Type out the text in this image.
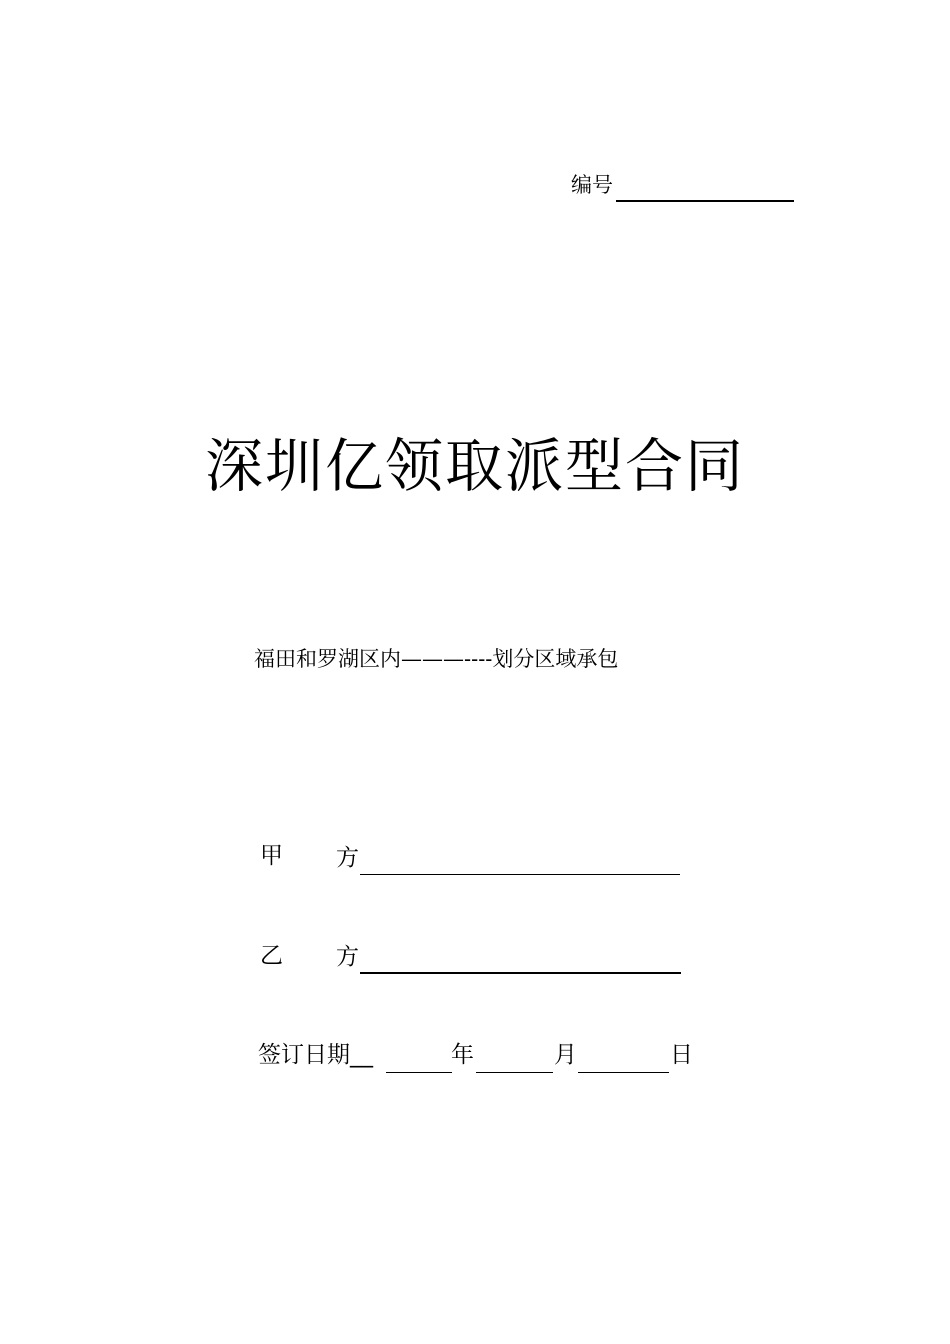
编号
深圳亿领取派型合同
福田和罗湖区内———----划分区域承包
甲 方
乙 方
签订日期__	年	月	日
